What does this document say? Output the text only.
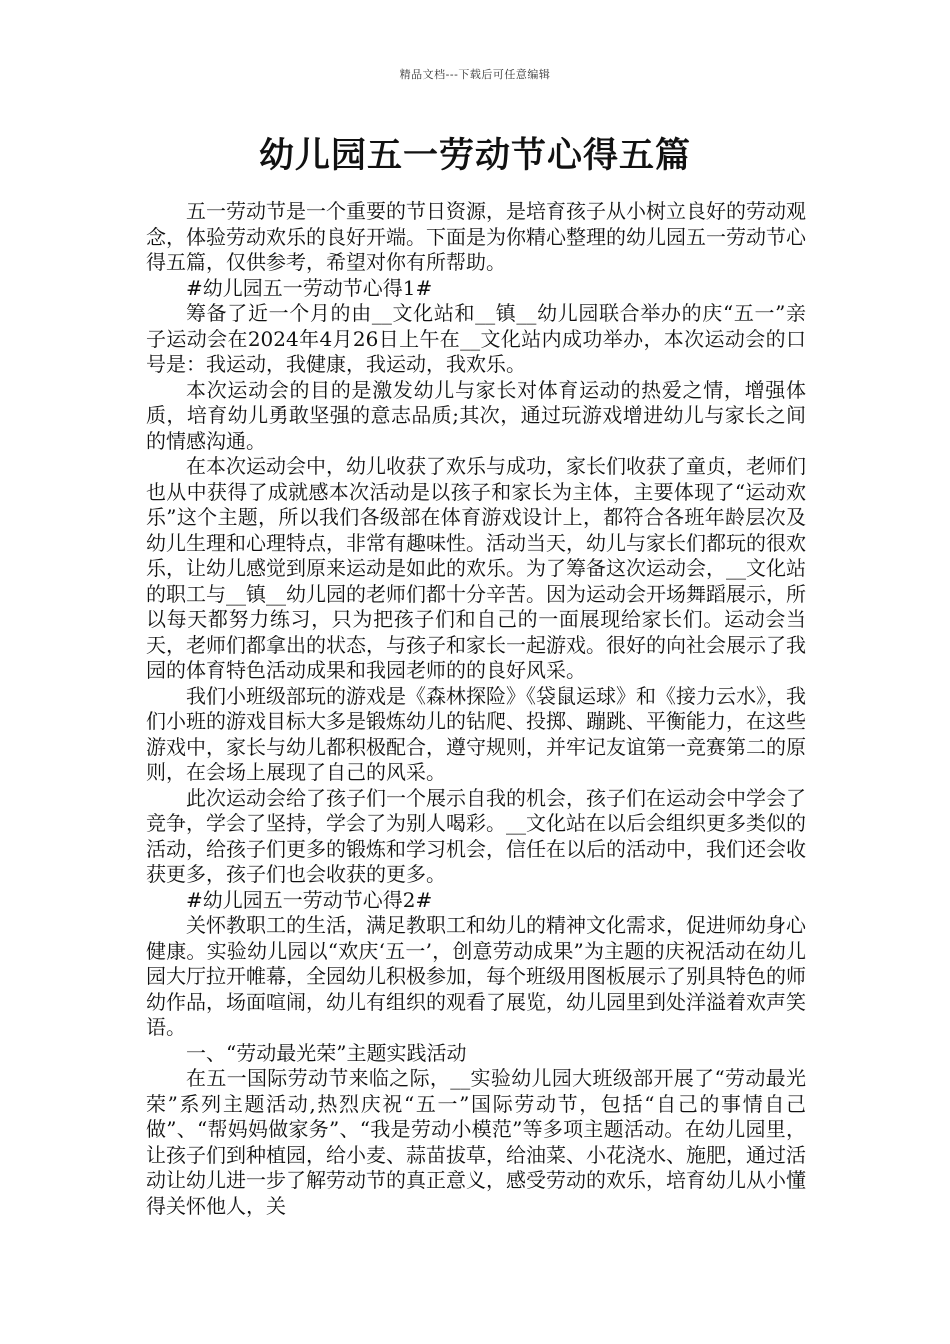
精品文档---下载后可任意编辑
幼儿园五一劳动节心得五篇

五一劳动节是一个重要的节日资源，是培育孩子从小树立良好的劳动观念，体验劳动欢乐的良好开端。下面是为你精心整理的幼儿园五一劳动节心得五篇，仅供参考，希望对你有所帮助。

#幼儿园五一劳动节心得1#

筹备了近一个月的由__文化站和__镇__幼儿园联合举办的庆“五一”亲子运动会在2024年4月26日上午在__文化站内成功举办，本次运动会的口号是：我运动，我健康，我运动，我欢乐。

本次运动会的目的是激发幼儿与家长对体育运动的热爱之情，增强体质，培育幼儿勇敢坚强的意志品质;其次，通过玩游戏增进幼儿与家长之间的情感沟通。

在本次运动会中，幼儿收获了欢乐与成功，家长们收获了童贞，老师们也从中获得了成就感本次活动是以孩子和家长为主体，主要体现了“运动欢乐”这个主题，所以我们各级部在体育游戏设计上，都符合各班年龄层次及幼儿生理和心理特点，非常有趣味性。活动当天，幼儿与家长们都玩的很欢乐，让幼儿感觉到原来运动是如此的欢乐。为了筹备这次运动会，__文化站的职工与__镇__幼儿园的老师们都十分辛苦。因为运动会开场舞蹈展示，所以每天都努力练习，只为把孩子们和自己的一面展现给家长们。运动会当天，老师们都拿出的状态，与孩子和家长一起游戏。很好的向社会展示了我园的体育特色活动成果和我园老师的的良好风采。

我们小班级部玩的游戏是《森林探险》《袋鼠运球》和《接力云水》，我们小班的游戏目标大多是锻炼幼儿的钻爬、投掷、蹦跳、平衡能力，在这些游戏中，家长与幼儿都积极配合，遵守规则，并牢记友谊第一竞赛第二的原则，在会场上展现了自己的风采。

此次运动会给了孩子们一个展示自我的机会，孩子们在运动会中学会了竞争，学会了坚持，学会了为别人喝彩。__文化站在以后会组织更多类似的活动，给孩子们更多的锻炼和学习机会，信任在以后的活动中，我们还会收获更多，孩子们也会收获的更多。

#幼儿园五一劳动节心得2#

关怀教职工的生活，满足教职工和幼儿的精神文化需求，促进师幼身心健康。实验幼儿园以“欢庆‘五一’，创意劳动成果”为主题的庆祝活动在幼儿园大厅拉开帷幕，全园幼儿积极参加，每个班级用图板展示了别具特色的师幼作品，场面喧闹，幼儿有组织的观看了展览，幼儿园里到处洋溢着欢声笑语。

一、“劳动最光荣”主题实践活动

在五一国际劳动节来临之际，__实验幼儿园大班级部开展了“劳动最光荣”系列主题活动,热烈庆祝“五一”国际劳动节，包括“自己的事情自己做”、“帮妈妈做家务”、“我是劳动小模范”等多项主题活动。在幼儿园里，让孩子们到种植园，给小麦、蒜苗拔草，给油菜、小花浇水、施肥，通过活动让幼儿进一步了解劳动节的真正意义，感受劳动的欢乐，培育幼儿从小懂得关怀他人，关
